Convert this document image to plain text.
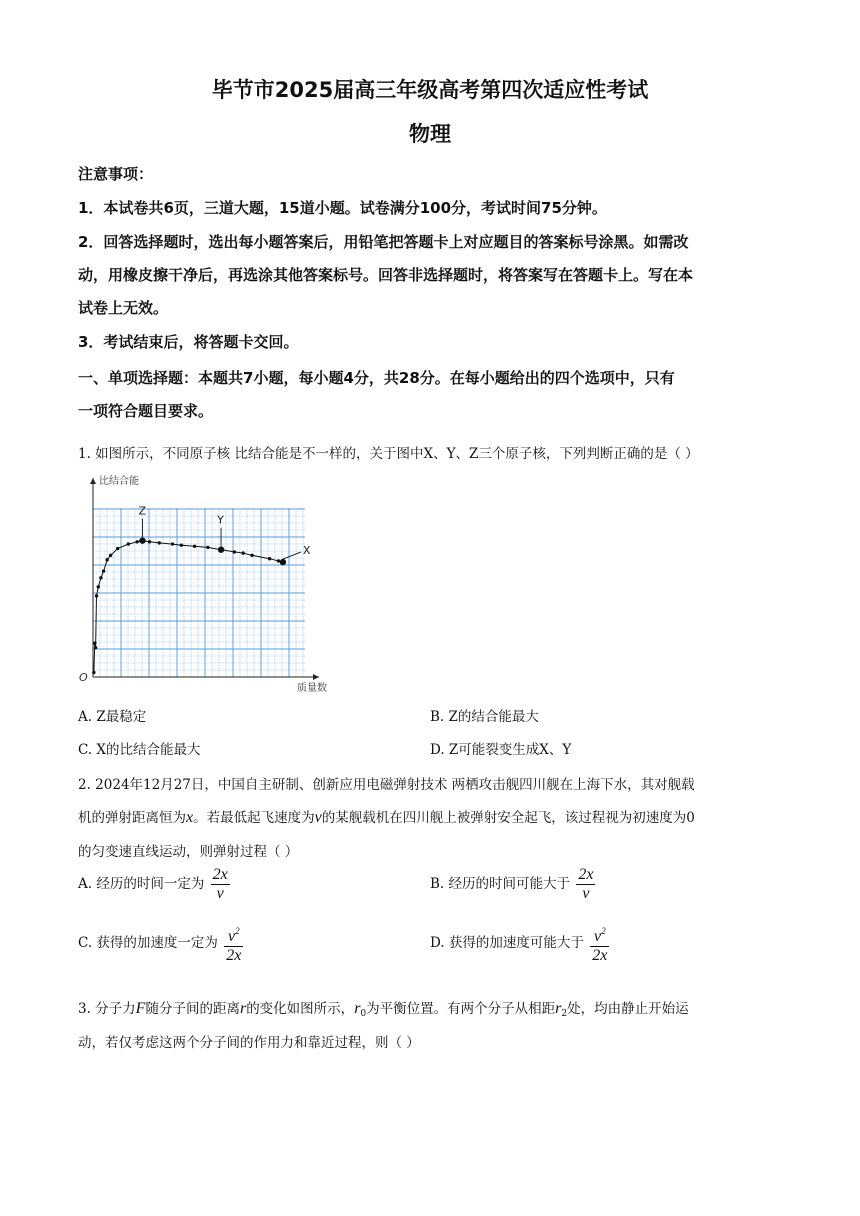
毕节市2025届高三年级高考第四次适应性考试
物理
注意事项：
1．本试卷共6页，三道大题，15道小题。试卷满分100分，考试时间75分钟。
2．回答选择题时，选出每小题答案后，用铅笔把答题卡上对应题目的答案标号涂黑。如需改
动，用橡皮擦干净后，再选涂其他答案标号。回答非选择题时，将答案写在答题卡上。写在本
试卷上无效。
3．考试结束后，将答题卡交回。
一、单项选择题：本题共7小题，每小题4分，共28分。在每小题给出的四个选项中，只有
一项符合题目要求。
1. 如图所示，不同原子核 比结合能是不一样的，关于图中X、Y、Z三个原子核，下列判断正确的是（ ）
比结合能
质量数
O
Z
Y
X
A. Z最稳定	B. Z的结合能最大
C. X的比结合能最大	D. Z可能裂变生成X、Y
2. 2024年12月27日，中国自主研制、创新应用电磁弹射技术 两栖攻击舰四川舰在上海下水，其对舰载
机的弹射距离恒为x。若最低起飞速度为v的某舰载机在四川舰上被弹射安全起飞，该过程视为初速度为0
的匀变速直线运动，则弹射过程（ ）
A. 经历的时间一定为 $\frac{2x}{v}$	B. 经历的时间可能大于 $\frac{2x}{v}$
C. 获得的加速度一定为 $\frac{v^2}{2x}$	D. 获得的加速度可能大于 $\frac{v^2}{2x}$
3. 分子力F随分子间的距离r的变化如图所示，$r_0$为平衡位置。有两个分子从相距$r_2$处，均由静止开始运
动，若仅考虑这两个分子间的作用力和靠近过程，则（ ）
